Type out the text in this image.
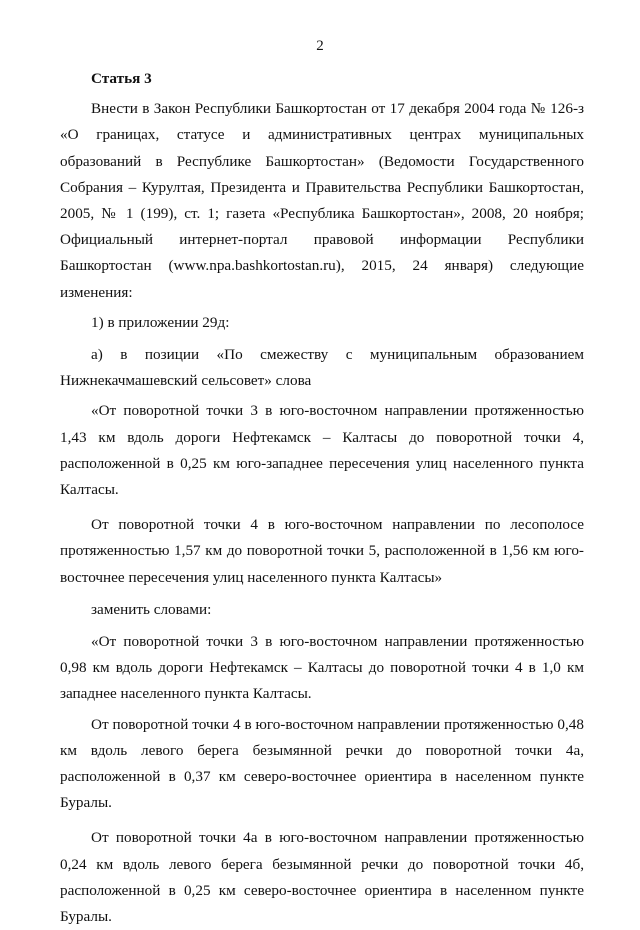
2

Статья 3

Внести в Закон Республики Башкортостан от 17 декабря 2004 года № 126-з «О границах, статусе и административных центрах муниципальных образований в Республике Башкортостан» (Ведомости Государственного Собрания – Курултая, Президента и Правительства Республики Башкортостан, 2005, № 1 (199), ст. 1; газета «Республика Башкортостан», 2008, 20 ноября; Официальный интернет-портал правовой информации Республики Башкортостан (www.npa.bashkortostan.ru), 2015, 24 января) следующие изменения:

1) в приложении 29д:

а) в позиции «По смежеству с муниципальным образованием Нижнекачмашевский сельсовет» слова

«От поворотной точки 3 в юго-восточном направлении протяженностью 1,43 км вдоль дороги Нефтекамск – Калтасы до поворотной точки 4, расположенной в 0,25 км юго-западнее пересечения улиц населенного пункта Калтасы.

От поворотной точки 4 в юго-восточном направлении по лесополосе протяженностью 1,57 км до поворотной точки 5, расположенной в 1,56 км юго-восточнее пересечения улиц населенного пункта Калтасы»

заменить словами:

«От поворотной точки 3 в юго-восточном направлении протяженностью 0,98 км вдоль дороги Нефтекамск – Калтасы до поворотной точки 4 в 1,0 км западнее населенного пункта Калтасы.

От поворотной точки 4 в юго-восточном направлении протяженностью 0,48 км вдоль левого берега безымянной речки до поворотной точки 4а, расположенной в 0,37 км северо-восточнее ориентира в населенном пункте Буралы.

От поворотной точки 4а в юго-восточном направлении протяженностью 0,24 км вдоль левого берега безымянной речки до поворотной точки 4б, расположенной в 0,25 км северо-восточнее ориентира в населенном пункте Буралы.
